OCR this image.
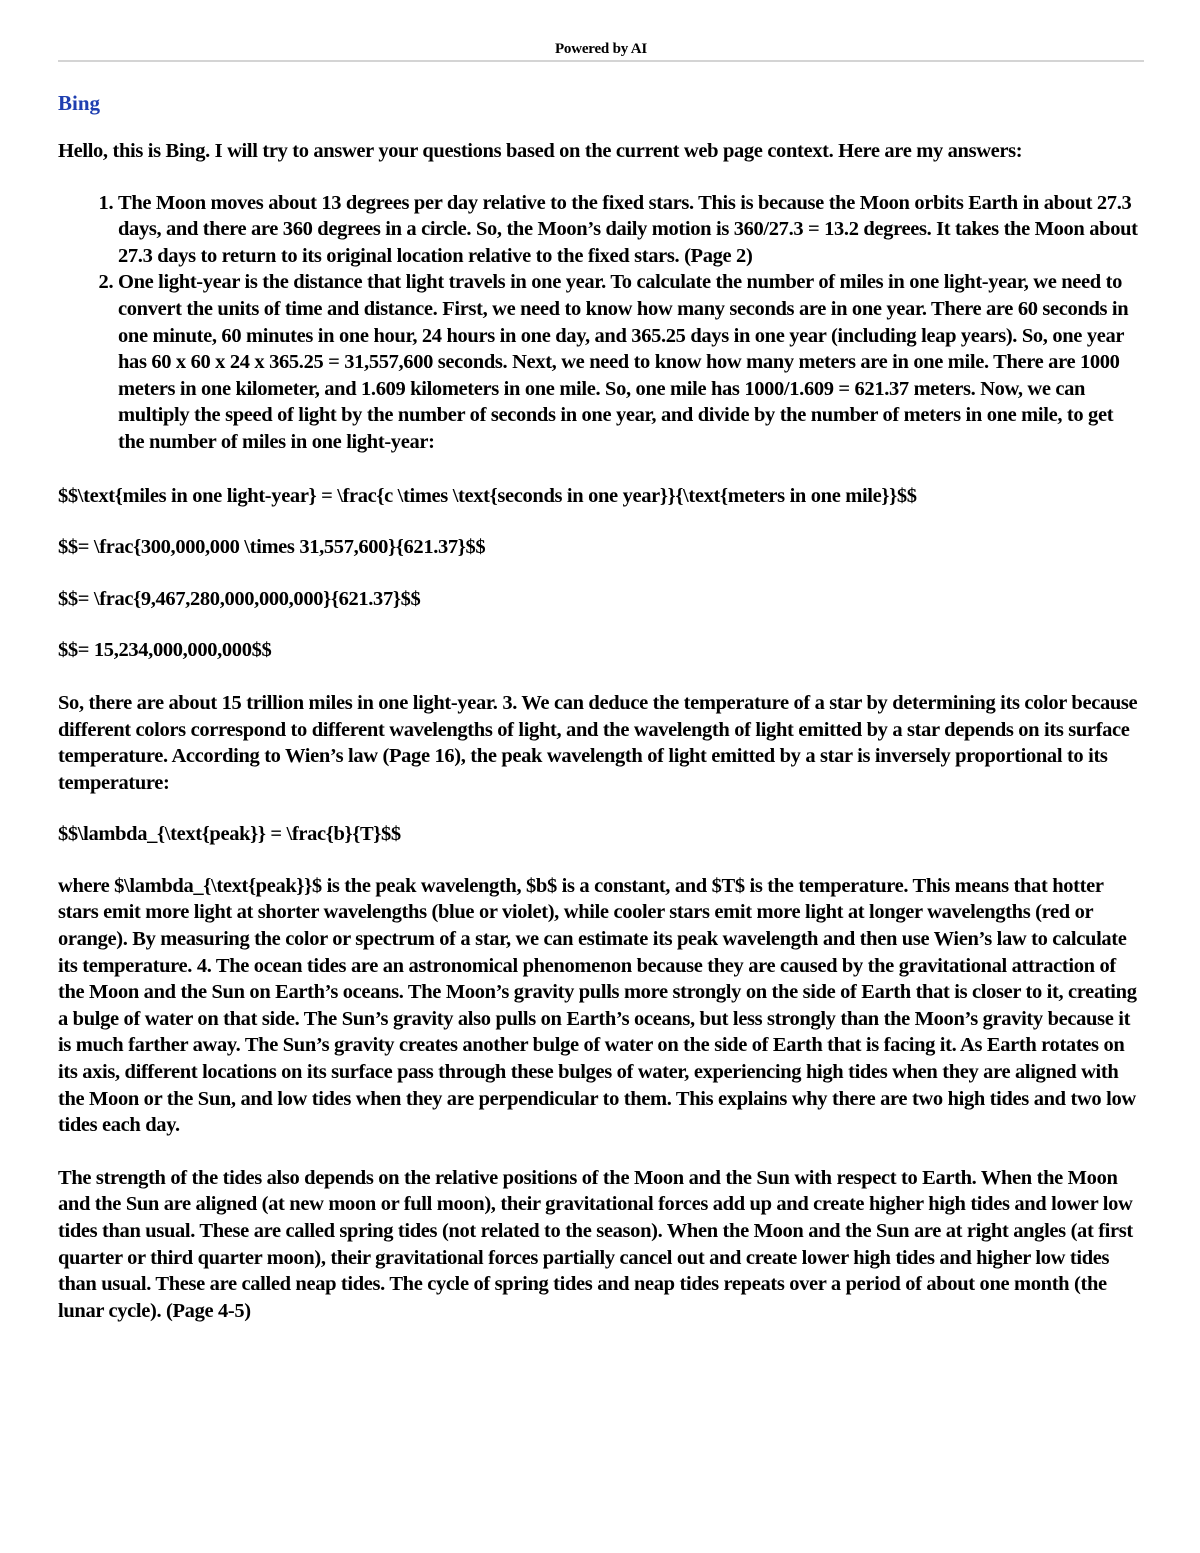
Powered by AI
Bing

Hello, this is Bing. I will try to answer your questions based on the current web page context. Here are my answers:

1. The Moon moves about 13 degrees per day relative to the fixed stars. This is because the Moon orbits Earth in about 27.3 days, and there are 360 degrees in a circle. So, the Moon’s daily motion is 360/27.3 = 13.2 degrees. It takes the Moon about 27.3 days to return to its original location relative to the fixed stars. (Page 2)
2. One light-year is the distance that light travels in one year. To calculate the number of miles in one light-year, we need to convert the units of time and distance. First, we need to know how many seconds are in one year. There are 60 seconds in one minute, 60 minutes in one hour, 24 hours in one day, and 365.25 days in one year (including leap years). So, one year has 60 x 60 x 24 x 365.25 = 31,557,600 seconds. Next, we need to know how many meters are in one mile. There are 1000 meters in one kilometer, and 1.609 kilometers in one mile. So, one mile has 1000/1.609 = 621.37 meters. Now, we can multiply the speed of light by the number of seconds in one year, and divide by the number of meters in one mile, to get the number of miles in one light-year:

$$\text{miles in one light-year} = \frac{c \times \text{seconds in one year}}{\text{meters in one mile}}$$

$$= \frac{300,000,000 \times 31,557,600}{621.37}$$

$$= \frac{9,467,280,000,000,000}{621.37}$$

$$= 15,234,000,000,000$$

So, there are about 15 trillion miles in one light-year. 3. We can deduce the temperature of a star by determining its color because different colors correspond to different wavelengths of light, and the wavelength of light emitted by a star depends on its surface temperature. According to Wien’s law (Page 16), the peak wavelength of light emitted by a star is inversely proportional to its temperature:

$$\lambda_{\text{peak}} = \frac{b}{T}$$

where $\lambda_{\text{peak}}$ is the peak wavelength, $b$ is a constant, and $T$ is the temperature. This means that hotter stars emit more light at shorter wavelengths (blue or violet), while cooler stars emit more light at longer wavelengths (red or orange). By measuring the color or spectrum of a star, we can estimate its peak wavelength and then use Wien’s law to calculate its temperature. 4. The ocean tides are an astronomical phenomenon because they are caused by the gravitational attraction of the Moon and the Sun on Earth’s oceans. The Moon’s gravity pulls more strongly on the side of Earth that is closer to it, creating a bulge of water on that side. The Sun’s gravity also pulls on Earth’s oceans, but less strongly than the Moon’s gravity because it is much farther away. The Sun’s gravity creates another bulge of water on the side of Earth that is facing it. As Earth rotates on its axis, different locations on its surface pass through these bulges of water, experiencing high tides when they are aligned with the Moon or the Sun, and low tides when they are perpendicular to them. This explains why there are two high tides and two low tides each day.

The strength of the tides also depends on the relative positions of the Moon and the Sun with respect to Earth. When the Moon and the Sun are aligned (at new moon or full moon), their gravitational forces add up and create higher high tides and lower low tides than usual. These are called spring tides (not related to the season). When the Moon and the Sun are at right angles (at first quarter or third quarter moon), their gravitational forces partially cancel out and create lower high tides and higher low tides than usual. These are called neap tides. The cycle of spring tides and neap tides repeats over a period of about one month (the lunar cycle). (Page 4-5)
